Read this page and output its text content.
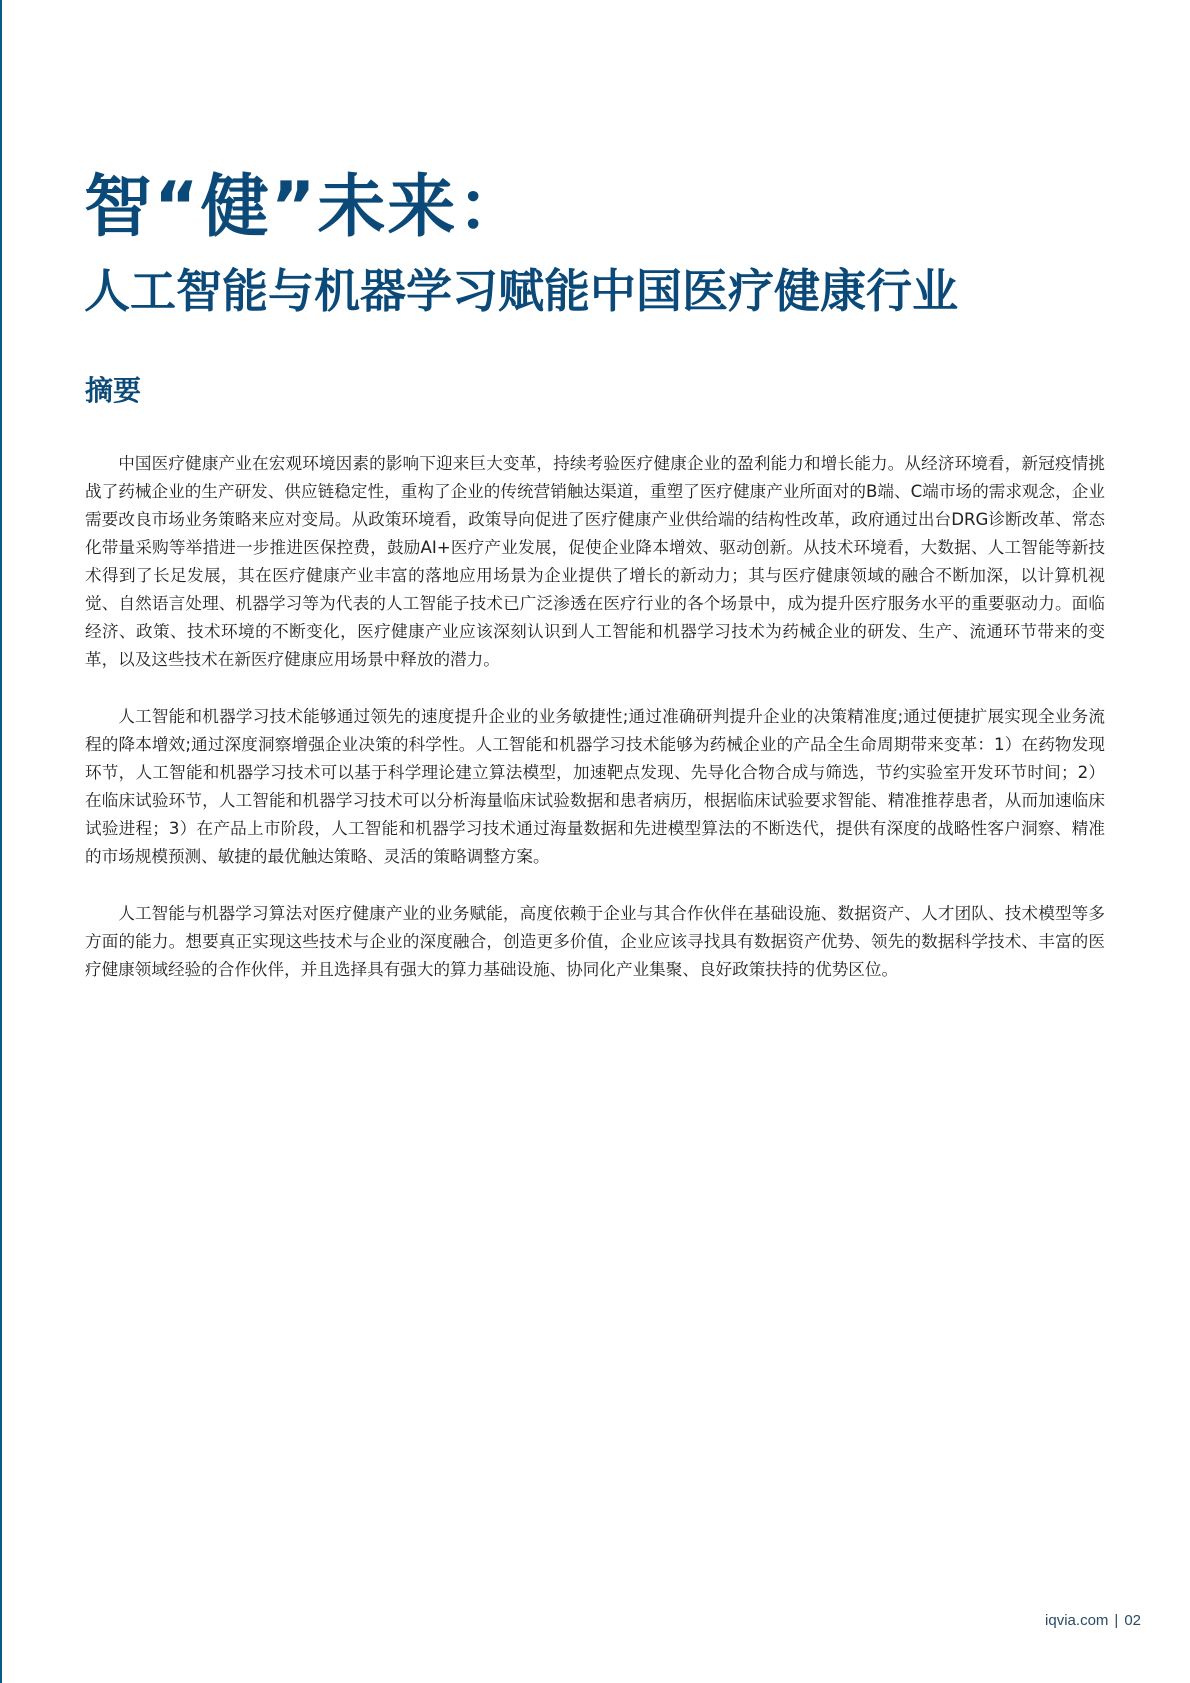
智“健”未来：
人工智能与机器学习赋能中国医疗健康行业
摘要

中国医疗健康产业在宏观环境因素的影响下迎来巨大变革，持续考验医疗健康企业的盈利能力和增长能力。从经济环境看，新冠疫情挑战了药械企业的生产研发、供应链稳定性，重构了企业的传统营销触达渠道，重塑了医疗健康产业所面对的B端、C端市场的需求观念，企业需要改良市场业务策略来应对变局。从政策环境看，政策导向促进了医疗健康产业供给端的结构性改革，政府通过出台DRG诊断改革、常态化带量采购等举措进一步推进医保控费，鼓励AI+医疗产业发展，促使企业降本增效、驱动创新。从技术环境看，大数据、人工智能等新技术得到了长足发展，其在医疗健康产业丰富的落地应用场景为企业提供了增长的新动力；其与医疗健康领域的融合不断加深，以计算机视觉、自然语言处理、机器学习等为代表的人工智能子技术已广泛渗透在医疗行业的各个场景中，成为提升医疗服务水平的重要驱动力。面临经济、政策、技术环境的不断变化，医疗健康产业应该深刻认识到人工智能和机器学习技术为药械企业的研发、生产、流通环节带来的变革，以及这些技术在新医疗健康应用场景中释放的潜力。

人工智能和机器学习技术能够通过领先的速度提升企业的业务敏捷性;通过准确研判提升企业的决策精准度;通过便捷扩展实现全业务流程的降本增效;通过深度洞察增强企业决策的科学性。人工智能和机器学习技术能够为药械企业的产品全生命周期带来变革：1）在药物发现环节，人工智能和机器学习技术可以基于科学理论建立算法模型，加速靶点发现、先导化合物合成与筛选，节约实验室开发环节时间；2）在临床试验环节，人工智能和机器学习技术可以分析海量临床试验数据和患者病历，根据临床试验要求智能、精准推荐患者，从而加速临床试验进程；3）在产品上市阶段，人工智能和机器学习技术通过海量数据和先进模型算法的不断迭代，提供有深度的战略性客户洞察、精准的市场规模预测、敏捷的最优触达策略、灵活的策略调整方案。

人工智能与机器学习算法对医疗健康产业的业务赋能，高度依赖于企业与其合作伙伴在基础设施、数据资产、人才团队、技术模型等多方面的能力。想要真正实现这些技术与企业的深度融合，创造更多价值，企业应该寻找具有数据资产优势、领先的数据科学技术、丰富的医疗健康领域经验的合作伙伴，并且选择具有强大的算力基础设施、协同化产业集聚、良好政策扶持的优势区位。

iqvia.com | 02
